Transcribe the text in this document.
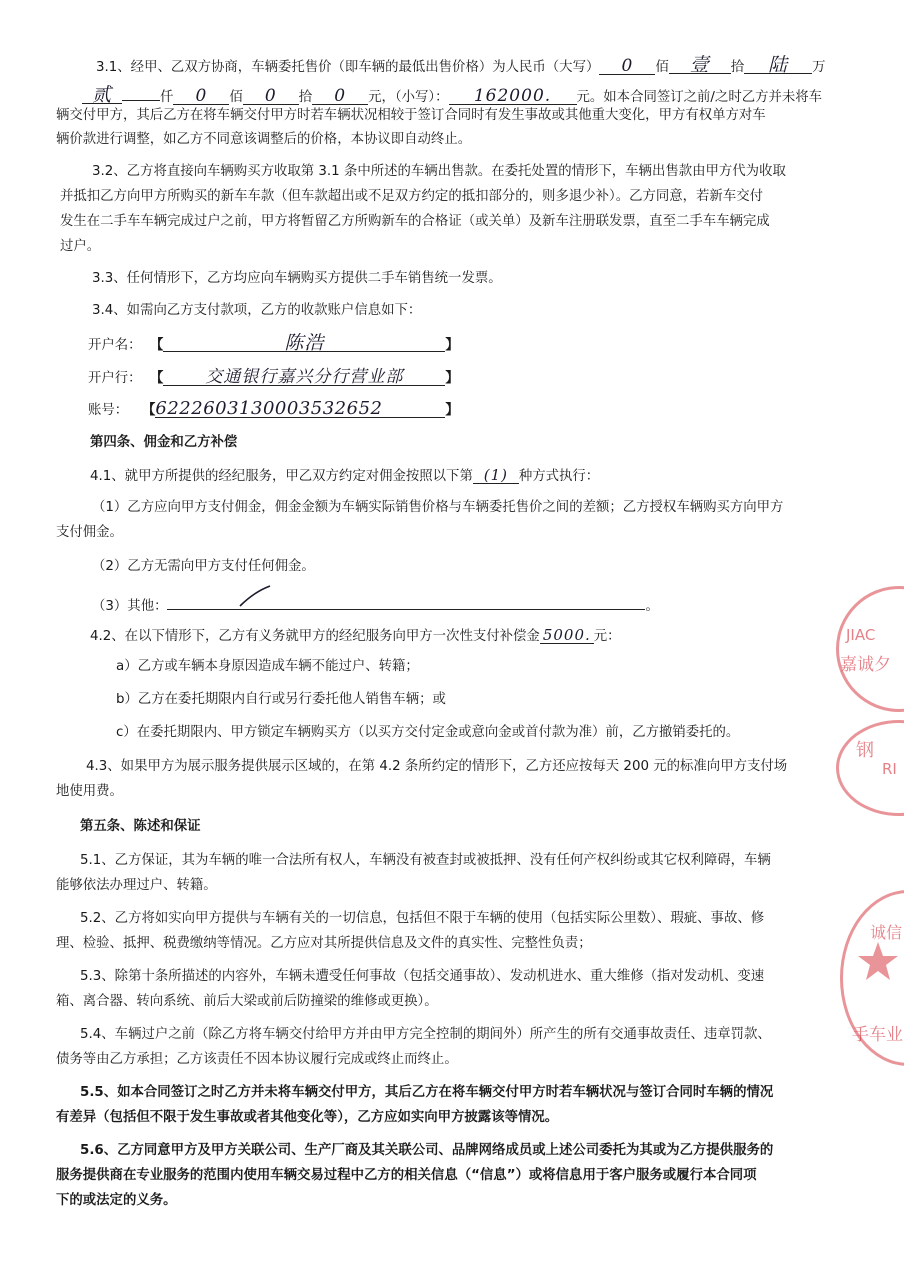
3.1、经甲、乙双方协商，车辆委托售价（即车辆的最低出售价格）为人民币（大写） 0 佰 壹 拾 陆 万
贰	仟 0 佰 0 拾 0 元，（小写）： 162000. 元。如本合同签订之前/之时乙方并未将车
辆交付甲方，其后乙方在将车辆交付甲方时若车辆状况相较于签订合同时有发生事故或其他重大变化，甲方有权单方对车
辆价款进行调整，如乙方不同意该调整后的价格，本协议即自动终止。
3.2、乙方将直接向车辆购买方收取第 3.1 条中所述的车辆出售款。在委托处置的情形下，车辆出售款由甲方代为收取
并抵扣乙方向甲方所购买的新车车款（但车款超出或不足双方约定的抵扣部分的，则多退少补）。乙方同意，若新车交付
发生在二手车车辆完成过户之前，甲方将暂留乙方所购新车的合格证（或关单）及新车注册联发票，直至二手车车辆完成
过户。
3.3、任何情形下，乙方均应向车辆购买方提供二手车销售统一发票。
3.4、如需向乙方支付款项，乙方的收款账户信息如下：
开户名： 【	陈浩	】
开户行： 【 交通银行嘉兴分行营业部	】
账号： 【6222603130003532652	】
第四条、佣金和乙方补偿
4.1、就甲方所提供的经纪服务，甲乙双方约定对佣金按照以下第 (1) 种方式执行：
（1）乙方应向甲方支付佣金，佣金金额为车辆实际销售价格与车辆委托售价之间的差额；乙方授权车辆购买方向甲方
支付佣金。
（2）乙方无需向甲方支付任何佣金。
（3）其他：	。
4.2、在以下情形下，乙方有义务就甲方的经纪服务向甲方一次性支付补偿金 5000. 元：
a）乙方或车辆本身原因造成车辆不能过户、转籍；
b）乙方在委托期限内自行或另行委托他人销售车辆；或
c）在委托期限内、甲方锁定车辆购买方（以买方交付定金或意向金或首付款为准）前，乙方撤销委托的。
4.3、如果甲方为展示服务提供展示区域的，在第 4.2 条所约定的情形下，乙方还应按每天 200 元的标准向甲方支付场
地使用费。
第五条、陈述和保证
5.1、乙方保证，其为车辆的唯一合法所有权人，车辆没有被查封或被抵押、没有任何产权纠纷或其它权利障碍，车辆
能够依法办理过户、转籍。
5.2、乙方将如实向甲方提供与车辆有关的一切信息，包括但不限于车辆的使用（包括实际公里数）、瑕疵、事故、修
理、检验、抵押、税费缴纳等情况。乙方应对其所提供信息及文件的真实性、完整性负责；
5.3、除第十条所描述的内容外，车辆未遭受任何事故（包括交通事故）、发动机进水、重大维修（指对发动机、变速
箱、离合器、转向系统、前后大梁或前后防撞梁的维修或更换）。
5.4、车辆过户之前（除乙方将车辆交付给甲方并由甲方完全控制的期间外）所产生的所有交通事故责任、违章罚款、
债务等由乙方承担；乙方该责任不因本协议履行完成或终止而终止。
5.5、如本合同签订之时乙方并未将车辆交付甲方，其后乙方在将车辆交付甲方时若车辆状况与签订合同时车辆的情况
有差异（包括但不限于发生事故或者其他变化等），乙方应如实向甲方披露该等情况。
5.6、乙方同意甲方及甲方关联公司、生产厂商及其关联公司、品牌网络成员或上述公司委托为其或为乙方提供服务的
服务提供商在专业服务的范围内使用车辆交易过程中乙方的相关信息（“信息”）或将信息用于客户服务或履行本合同项
下的或法定的义务。
JIAC
嘉诚夕
RI
钢
诚信
手车业
